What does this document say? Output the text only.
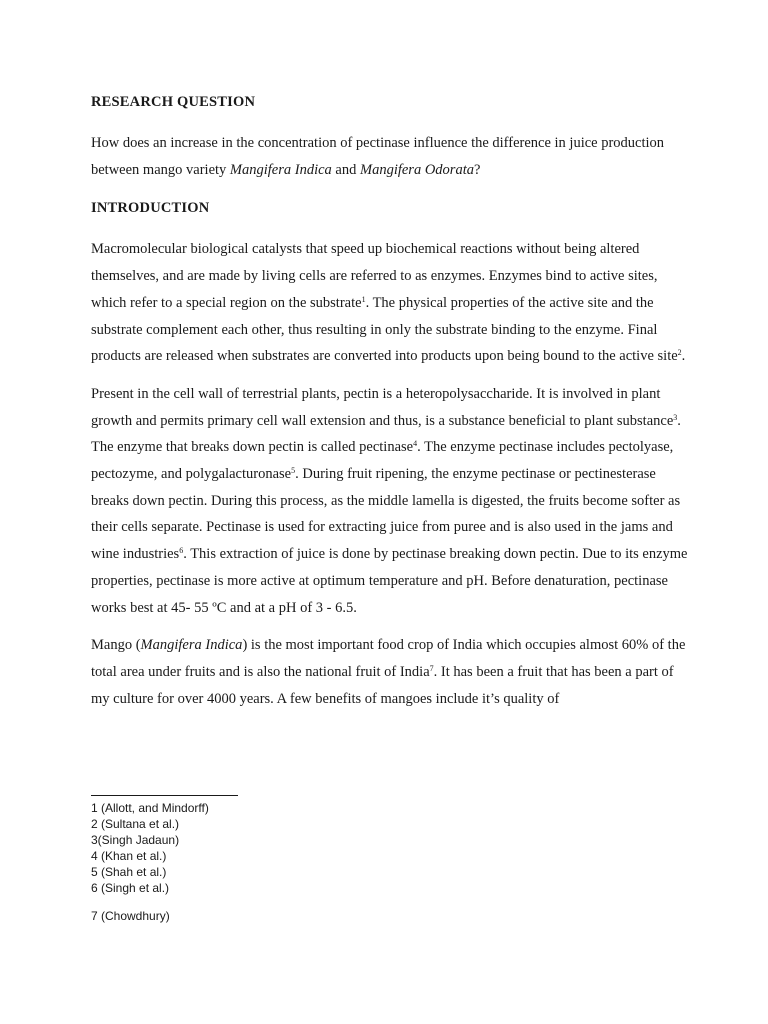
RESEARCH QUESTION

How does an increase in the concentration of pectinase influence the difference in juice production between mango variety Mangifera Indica and Mangifera Odorata?

INTRODUCTION

Macromolecular biological catalysts that speed up biochemical reactions without being altered themselves, and are made by living cells are referred to as enzymes. Enzymes bind to active sites, which refer to a special region on the substrate$^1$. The physical properties of the active site and the substrate complement each other, thus resulting in only the substrate binding to the enzyme. Final products are released when substrates are converted into products upon being bound to the active site$^2$.

Present in the cell wall of terrestrial plants, pectin is a heteropolysaccharide. It is involved in plant growth and permits primary cell wall extension and thus, is a substance beneficial to plant substance$^3$. The enzyme that breaks down pectin is called pectinase$^4$. The enzyme pectinase includes pectolyase, pectozyme, and polygalacturonase$^5$. During fruit ripening, the enzyme pectinase or pectinesterase breaks down pectin. During this process, as the middle lamella is digested, the fruits become softer as their cells separate. Pectinase is used for extracting juice from puree and is also used in the jams and wine industries$^6$. This extraction of juice is done by pectinase breaking down pectin. Due to its enzyme properties, pectinase is more active at optimum temperature and pH. Before denaturation, pectinase works best at 45- 55 ºC and at a pH of 3 - 6.5.

Mango (Mangifera Indica) is the most important food crop of India which occupies almost 60% of the total area under fruits and is also the national fruit of India$^7$. It has been a fruit that has been a part of my culture for over 4000 years. A few benefits of mangoes include it’s quality of

1 (Allott, and Mindorff)
2 (Sultana et al.)
3(Singh Jadaun)
4 (Khan et al.)
5 (Shah et al.)
6 (Singh et al.)
7 (Chowdhury)
